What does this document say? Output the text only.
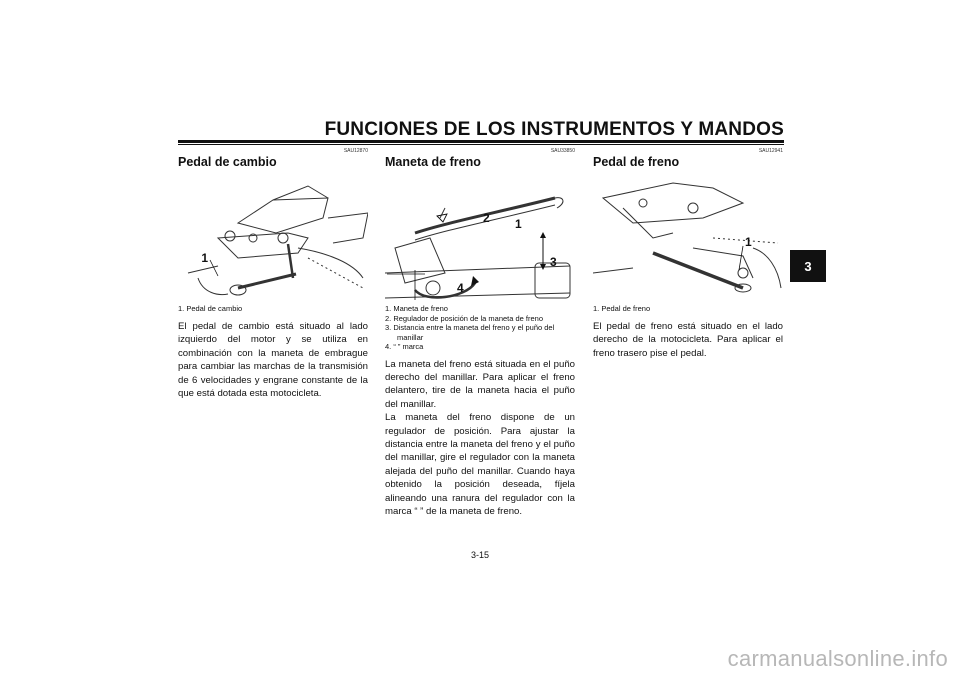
FUNCIONES DE LOS INSTRUMENTOS Y MANDOS
3
SAU12870
Pedal de cambio
1
1. Pedal de cambio
El pedal de cambio está situado al lado izquierdo del motor y se utiliza en combinación con la maneta de embrague para cambiar las marchas de la transmisión de 6 velocidades y engrane constante de la que está dotada esta motocicleta.
SAU33850
Maneta de freno
2 1
3
4
1. Maneta de freno
2. Regulador de posición de la maneta de freno
3. Distancia entre la maneta del freno y el puño del manillar
4. “ ” marca
La maneta del freno está situada en el puño derecho del manillar. Para aplicar el freno delantero, tire de la maneta hacia el puño del manillar.
La maneta del freno dispone de un regulador de posición. Para ajustar la distancia entre la maneta del freno y el puño del manillar, gire el regulador con la maneta alejada del puño del manillar. Cuando haya obtenido la posición deseada, fíjela alineando una ranura del regulador con la marca “ ” de la maneta de freno.
SAU12941
Pedal de freno
1
1. Pedal de freno
El pedal de freno está situado en el lado derecho de la motocicleta. Para aplicar el freno trasero pise el pedal.
3-15
carmanualsonline.info
